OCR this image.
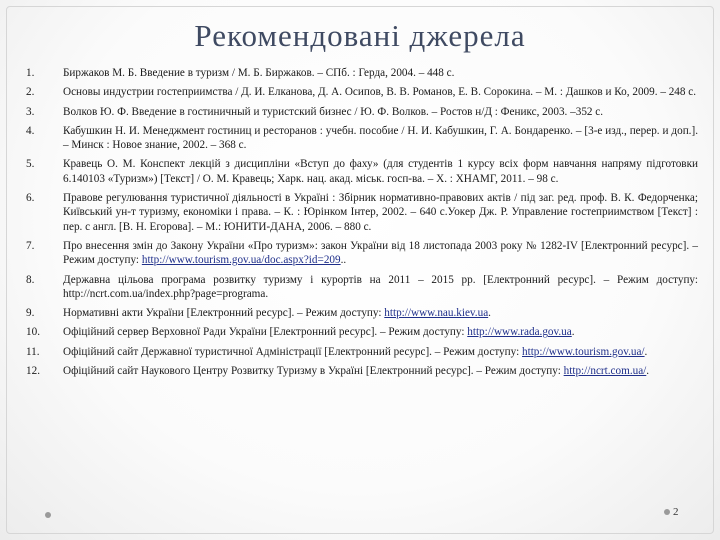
Рекомендовані джерела
1.	Биржаков М. Б. Введение в туризм / М. Б. Биржаков. – СПб. : Герда, 2004. – 448 с.
2.	Основы индустрии гостеприимства / Д. И. Елканова, Д. А. Осипов, В. В. Романов, Е. В. Сорокина. – М. : Дашков и Ко, 2009. – 248 с.
3.	Волков Ю. Ф. Введение в гостиничный и туристский бизнес / Ю. Ф. Волков. – Ростов н/Д : Феникс, 2003. –352 с.
4.	Кабушкин Н. И. Менеджмент гостиниц и ресторанов : учебн. пособие / Н. И. Кабушкин, Г. А. Бондаренко. – [3-е изд., перер. и доп.]. – Минск : Новое знание, 2002. – 368 с.
5.	Кравець О. М. Конспект лекцій з дисципліни «Вступ до фаху» (для студентів 1 курсу всіх форм навчання напряму підготовки 6.140103 «Туризм») [Текст] / О. М. Кравець; Харк. нац. акад. міськ. госп-ва. – Х. : ХНАМГ, 2011. – 98 с.
6.	Правове регулювання туристичної діяльності в Україні : Збірник нормативно-правових актів / під заг. ред. проф. В. К. Федорченка; Київський ун-т туризму, економіки і права. – К. : Юрінком Інтер, 2002. – 640 с.Уокер Дж. Р. Управление гостеприимством [Текст] : пер. с англ. [В. Н. Егорова]. – М.: ЮНИТИ-ДАНА, 2006. – 880 с.
7.	Про внесення змін до Закону України «Про туризм»: закон України від 18 листопада 2003 року № 1282-IV [Електронний ресурс]. – Режим доступу: http://www.tourism.gov.ua/doc.aspx?id=209..
8.	Державна цільова програма розвитку туризму і курортів на 2011 – 2015 рр. [Електронний ресурс]. – Режим доступу: http://ncrt.com.ua/index.php?page=programa.
9.	Нормативні акти України [Електронний ресурс]. – Режим доступу: http://www.nau.kiev.ua.
10.	Офіційний сервер Верховної Ради України [Електронний ресурс]. – Режим доступу: http://www.rada.gov.ua.
11.	Офіційний сайт Державної туристичної Адміністрації [Електронний ресурс]. – Режим доступу: http://www.tourism.gov.ua/.
12.	Офіційний сайт Наукового Центру Розвитку Туризму в Україні [Електронний ресурс]. – Режим доступу: http://ncrt.com.ua/.
2
